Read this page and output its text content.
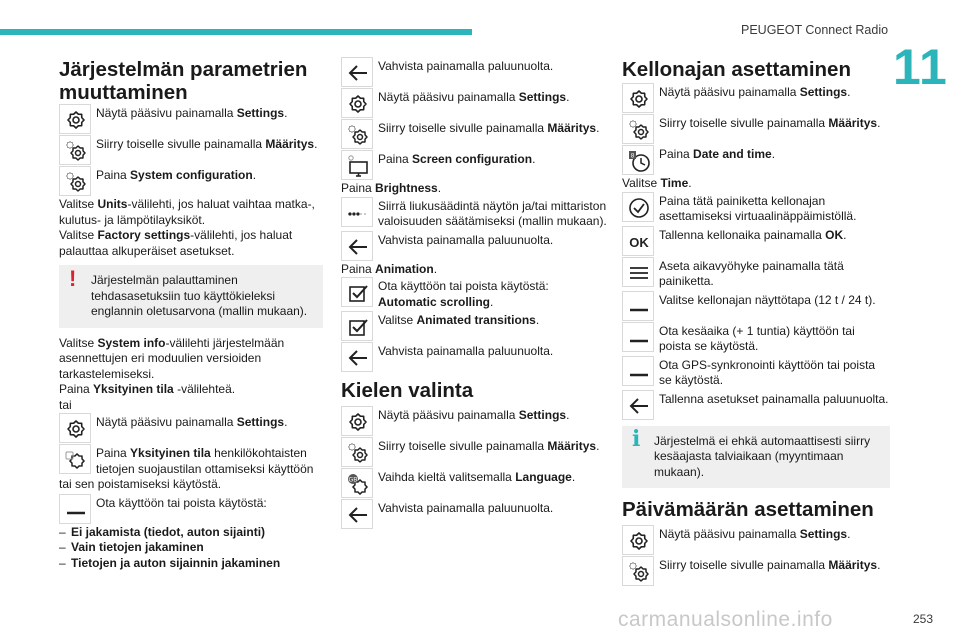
PEUGEOT Connect Radio
11
Järjestelmän parametrien muuttaminen

Näytä pääsivu painamalla Settings.

Siirry toiselle sivulle painamalla Määritys.

Paina System configuration.

Valitse Units-välilehti, jos haluat vaihtaa matka-, kulutus- ja lämpötilayksiköt.

Valitse Factory settings-välilehti, jos haluat palauttaa alkuperäiset asetukset.

! Järjestelmän palauttaminen tehdasasetuksiin tuo käyttökieleksi englannin oletusarvona (mallin mukaan).

Valitse System info-välilehti järjestelmään asennettujen eri moduulien versioiden tarkastelemiseksi.

Paina Yksityinen tila -välilehteä.

tai

Näytä pääsivu painamalla Settings.

Paina Yksityinen tila henkilökohtaisten tietojen suojaustilan ottamiseksi käyttöön tai sen poistamiseksi käytöstä.

Ota käyttöön tai poista käytöstä:

– Ei jakamista (tiedot, auton sijainti)
– Vain tietojen jakaminen
– Tietojen ja auton sijainnin jakaminen

Vahvista painamalla paluunuolta.

Näytä pääsivu painamalla Settings.

Siirry toiselle sivulle painamalla Määritys.

Paina Screen configuration.

Paina Brightness.

Siirrä liukusäädintä näytön ja/tai mittariston valoisuuden säätämiseksi (mallin mukaan).

Vahvista painamalla paluunuolta.

Paina Animation.

Ota käyttöön tai poista käytöstä:
Automatic scrolling.

Valitse Animated transitions.

Vahvista painamalla paluunuolta.

Kielen valinta

Näytä pääsivu painamalla Settings.

Siirry toiselle sivulle painamalla Määritys.

GB Vaihda kieltä valitsemalla Language.

Vahvista painamalla paluunuolta.

Kellonajan asettaminen

Näytä pääsivu painamalla Settings.

Siirry toiselle sivulle painamalla Määritys.

8 Paina Date and time.

Valitse Time.

Paina tätä painiketta kellonajan asettamiseksi virtuaalinäppäimistöllä.

OK Tallenna kellonaika painamalla OK.

Aseta aikavyöhyke painamalla tätä painiketta.

Valitse kellonajan näyttötapa (12 t / 24 t).

Ota kesäaika (+ 1 tuntia) käyttöön tai poista se käytöstä.

Ota GPS-synkronointi käyttöön tai poista se käytöstä.

Tallenna asetukset painamalla paluunuolta.

i Järjestelmä ei ehkä automaattisesti siirry kesäajasta talviaikaan (myyntimaan mukaan).

Päivämäärän asettaminen

Näytä pääsivu painamalla Settings.

Siirry toiselle sivulle painamalla Määritys.

carmanualsonline.info	253
